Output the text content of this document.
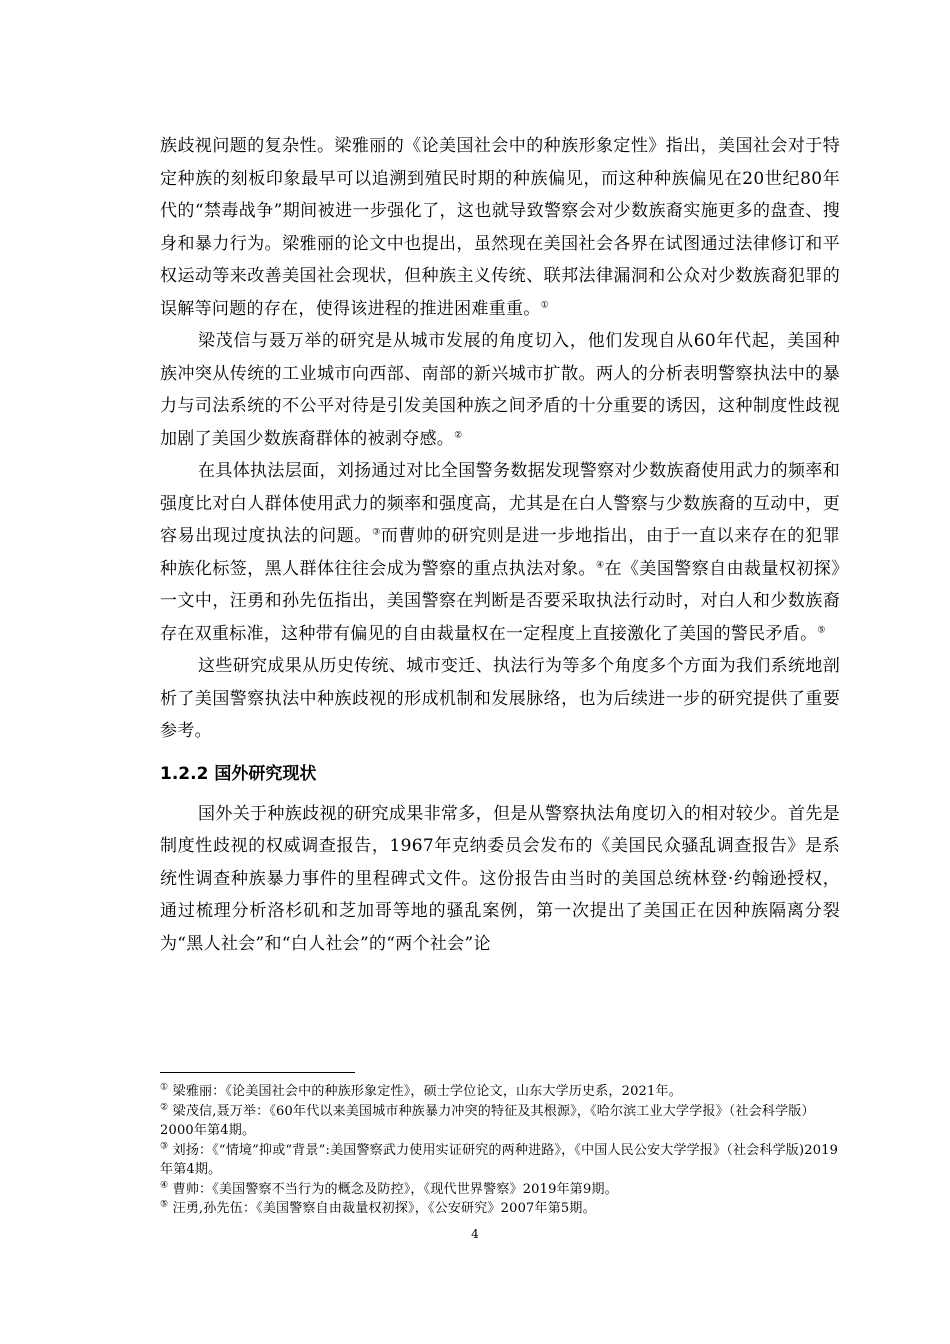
族歧视问题的复杂性。梁雅丽的《论美国社会中的种族形象定性》指出，美国社会对于特定种族的刻板印象最早可以追溯到殖民时期的种族偏见，而这种种族偏见在20世纪80年代的“禁毒战争”期间被进一步强化了，这也就导致警察会对少数族裔实施更多的盘查、搜身和暴力行为。梁雅丽的论文中也提出，虽然现在美国社会各界在试图通过法律修订和平权运动等来改善美国社会现状，但种族主义传统、联邦法律漏洞和公众对少数族裔犯罪的误解等问题的存在，使得该进程的推进困难重重。①

梁茂信与聂万举的研究是从城市发展的角度切入，他们发现自从60年代起，美国种族冲突从传统的工业城市向西部、南部的新兴城市扩散。两人的分析表明警察执法中的暴力与司法系统的不公平对待是引发美国种族之间矛盾的十分重要的诱因，这种制度性歧视加剧了美国少数族裔群体的被剥夺感。②

在具体执法层面，刘扬通过对比全国警务数据发现警察对少数族裔使用武力的频率和强度比对白人群体使用武力的频率和强度高，尤其是在白人警察与少数族裔的互动中，更容易出现过度执法的问题。③而曹帅的研究则是进一步地指出，由于一直以来存在的犯罪种族化标签，黑人群体往往会成为警察的重点执法对象。④在《美国警察自由裁量权初探》一文中，汪勇和孙先伍指出，美国警察在判断是否要采取执法行动时，对白人和少数族裔存在双重标准，这种带有偏见的自由裁量权在一定程度上直接激化了美国的警民矛盾。⑤

这些研究成果从历史传统、城市变迁、执法行为等多个角度多个方面为我们系统地剖析了美国警察执法中种族歧视的形成机制和发展脉络，也为后续进一步的研究提供了重要参考。

1.2.2 国外研究现状

国外关于种族歧视的研究成果非常多，但是从警察执法角度切入的相对较少。首先是制度性歧视的权威调查报告，1967年克纳委员会发布的《美国民众骚乱调查报告》是系统性调查种族暴力事件的里程碑式文件。这份报告由当时的美国总统林登·约翰逊授权，通过梳理分析洛杉矶和芝加哥等地的骚乱案例，第一次提出了美国正在因种族隔离分裂为“黑人社会”和“白人社会”的“两个社会”论

① 梁雅丽：《论美国社会中的种族形象定性》，硕士学位论文，山东大学历史系，2021年。

② 梁茂信,聂万举：《60年代以来美国城市种族暴力冲突的特征及其根源》，《哈尔滨工业大学学报》（社会科学版）2000年第4期。

③ 刘扬：《“情境”抑或“背景”:美国警察武力使用实证研究的两种进路》，《中国人民公安大学学报》（社会科学版)2019年第4期。

④ 曹帅：《美国警察不当行为的概念及防控》，《现代世界警察》2019年第9期。

⑤ 汪勇,孙先伍：《美国警察自由裁量权初探》，《公安研究》2007年第5期。

4
